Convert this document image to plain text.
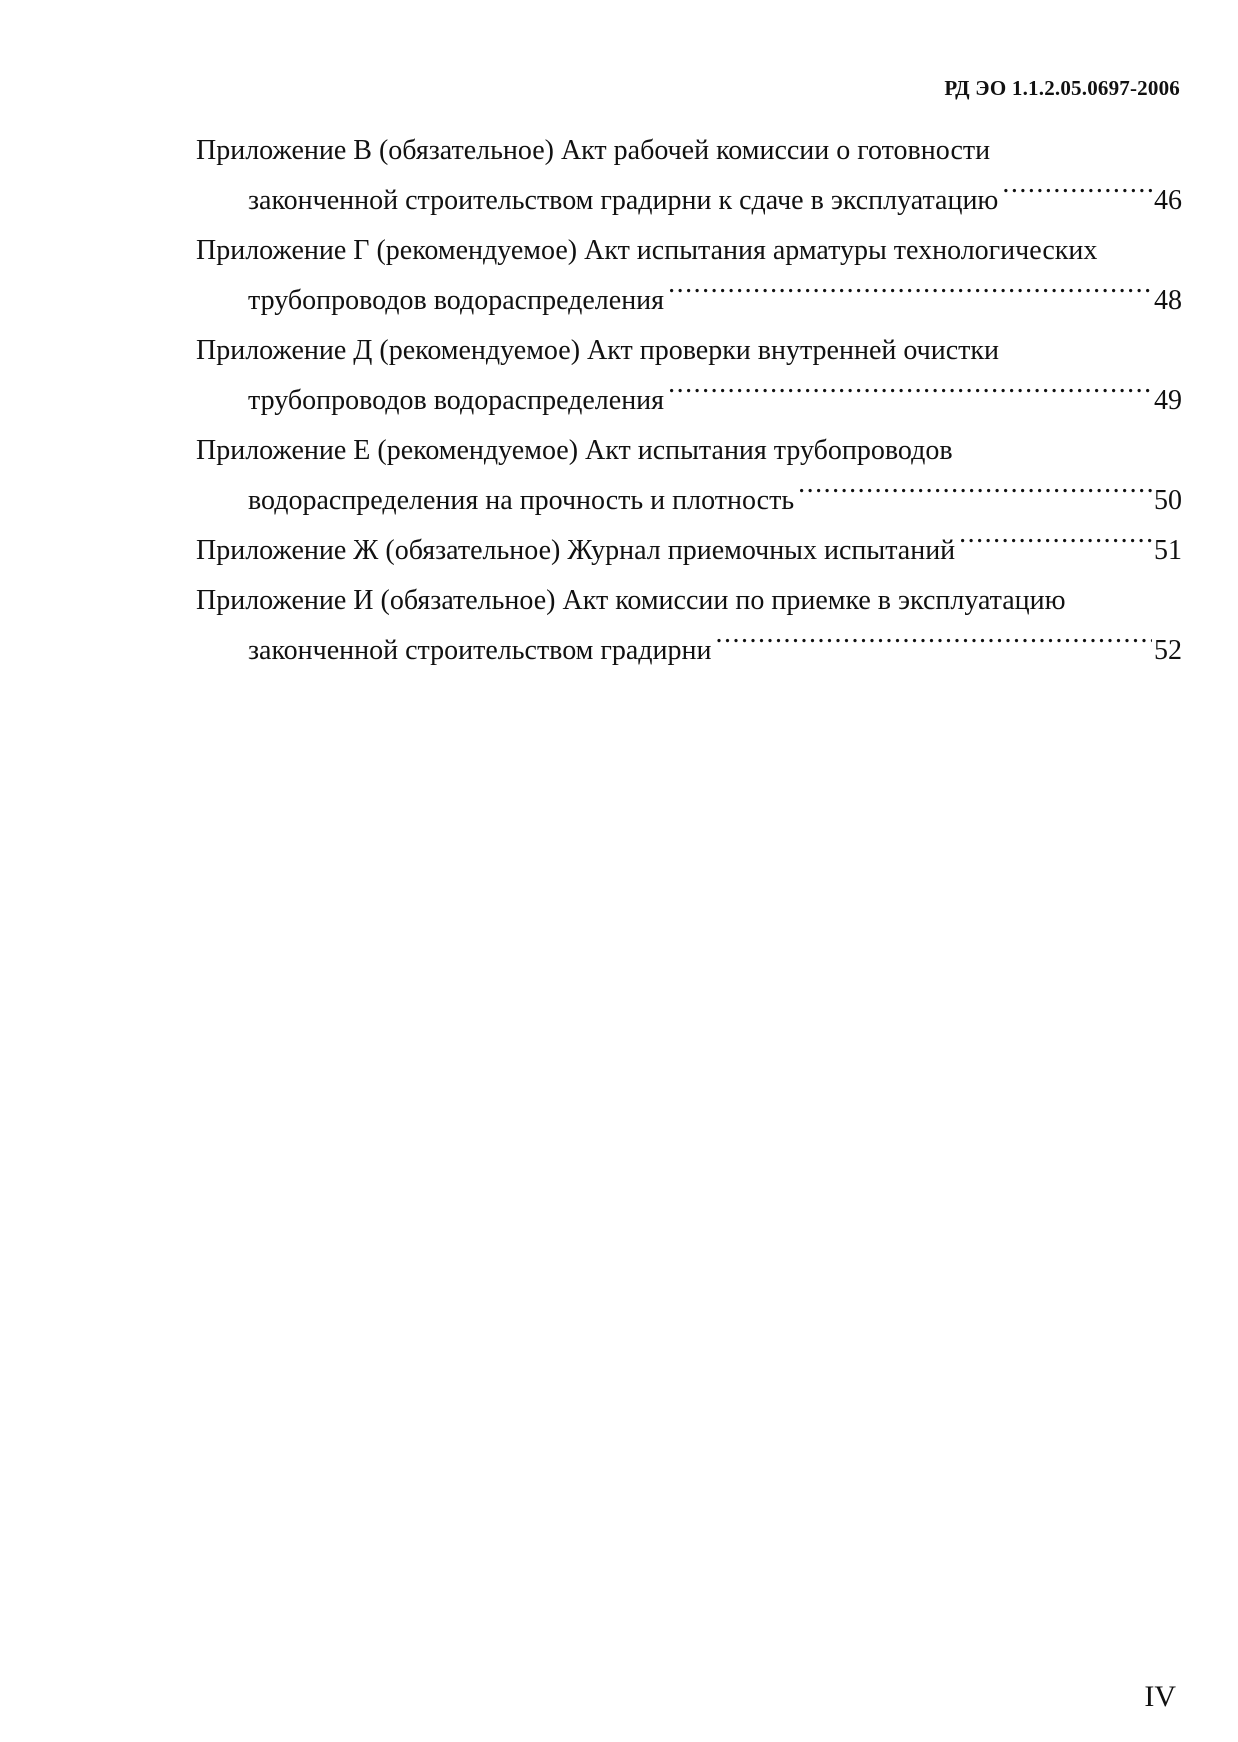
РД ЭО 1.1.2.05.0697-2006
Приложение В (обязательное) Акт рабочей комиссии о готовности
законченной строительством градирни к сдаче в эксплуатацию .....	46
Приложение Г (рекомендуемое) Акт испытания арматуры технологических
трубопроводов водораспределения .....	48
Приложение Д (рекомендуемое) Акт проверки внутренней очистки
трубопроводов водораспределения .....	49
Приложение Е (рекомендуемое) Акт испытания трубопроводов
водораспределения на прочность и плотность .....	50
Приложение Ж (обязательное) Журнал приемочных испытаний .....	51
Приложение И (обязательное) Акт комиссии по приемке в эксплуатацию
законченной строительством градирни .....	52
IV
